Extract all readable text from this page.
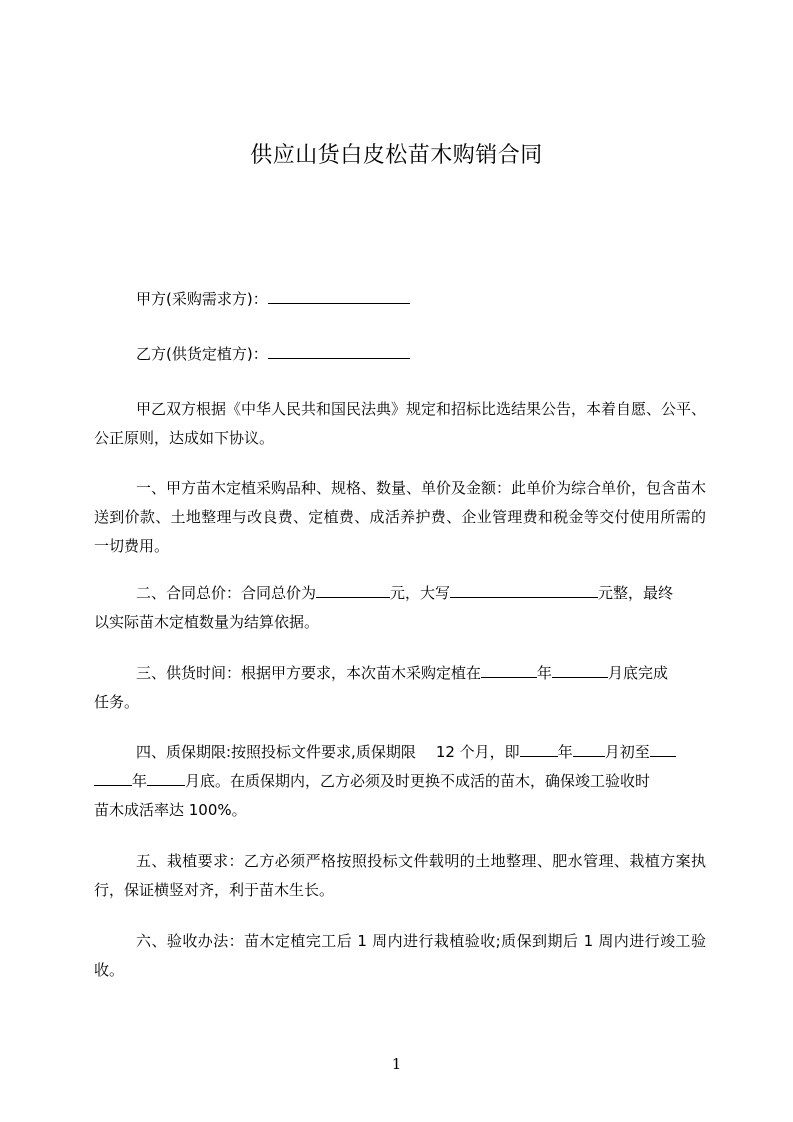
供应山货白皮松苗木购销合同
甲方(采购需求方)：
乙方(供货定植方)：
甲乙双方根据《中华人民共和国民法典》规定和招标比选结果公告，本着自愿、公平、公正原则，达成如下协议。
一、甲方苗木定植采购品种、规格、数量、单价及金额：此单价为综合单价，包含苗木送到价款、土地整理与改良费、定植费、成活养护费、企业管理费和税金等交付使用所需的一切费用。
二、合同总价：合同总价为	元，大写	元整，最终
以实际苗木定植数量为结算依据。
三、供货时间：根据甲方要求，本次苗木采购定植在	年	月底完成
任务。
四、质保期限:按照投标文件要求,质保期限 12 个月，即	年 月初至
年	月底。在质保期内，乙方必须及时更换不成活的苗木，确保竣工验收时
苗木成活率达 100%。
五、栽植要求：乙方必须严格按照投标文件载明的土地整理、肥水管理、栽植方案执行，保证横竖对齐，利于苗木生长。
六、验收办法：苗木定植完工后 1 周内进行栽植验收;质保到期后 1 周内进行竣工验收。
1
